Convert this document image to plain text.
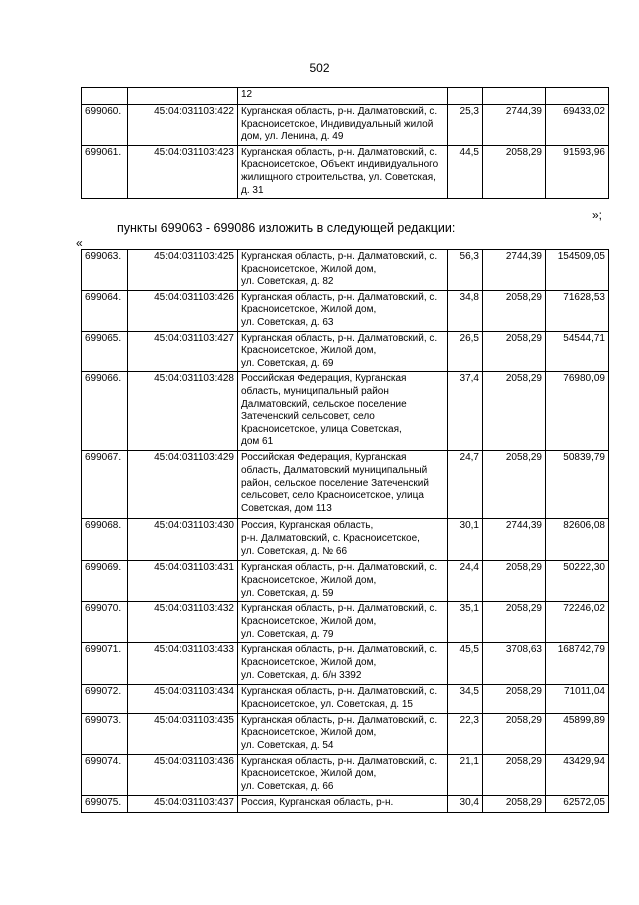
502
		12			
699060.	45:04:031103:422	Курганская область, р-н. Далматовский, с. Красноисетское, Индивидуальный жилой дом, ул. Ленина, д. 49	25,3	2744,39	69433,02
699061.	45:04:031103:423	Курганская область, р-н. Далматовский, с. Красноисетское, Объект индивидуального жилищного строительства, ул. Советская, д. 31	44,5	2058,29	91593,96
»;
пункты 699063 - 699086 изложить в следующей редакции:
«
699063.	45:04:031103:425	Курганская область, р-н. Далматовский, с. Красноисетское, Жилой дом,
ул. Советская, д. 82	56,3	2744,39	154509,05
699064.	45:04:031103:426	Курганская область, р-н. Далматовский, с. Красноисетское, Жилой дом,
ул. Советская, д. 63	34,8	2058,29	71628,53
699065.	45:04:031103:427	Курганская область, р-н. Далматовский, с. Красноисетское, Жилой дом,
ул. Советская, д. 69	26,5	2058,29	54544,71
699066.	45:04:031103:428	Российская Федерация, Курганская область, муниципальный район Далматовский, сельское поселение Затеченский сельсовет, село Красноисетское, улица Советская,
дом 61	37,4	2058,29	76980,09
699067.	45:04:031103:429	Российская Федерация, Курганская область, Далматовский муниципальный район, сельское поселение Затеченский сельсовет, село Красноисетское, улица Советская, дом 113	24,7	2058,29	50839,79
699068.	45:04:031103:430	Россия, Курганская область,
р-н. Далматовский, с. Красноисетское,
ул. Советская, д. № 66	30,1	2744,39	82606,08
699069.	45:04:031103:431	Курганская область, р-н. Далматовский, с. Красноисетское, Жилой дом,
ул. Советская, д. 59	24,4	2058,29	50222,30
699070.	45:04:031103:432	Курганская область, р-н. Далматовский, с. Красноисетское, Жилой дом,
ул. Советская, д. 79	35,1	2058,29	72246,02
699071.	45:04:031103:433	Курганская область, р-н. Далматовский, с. Красноисетское, Жилой дом,
ул. Советская, д. б/н 3392	45,5	3708,63	168742,79
699072.	45:04:031103:434	Курганская область, р-н. Далматовский, с. Красноисетское, ул. Советская, д. 15	34,5	2058,29	71011,04
699073.	45:04:031103:435	Курганская область, р-н. Далматовский, с. Красноисетское, Жилой дом,
ул. Советская, д. 54	22,3	2058,29	45899,89
699074.	45:04:031103:436	Курганская область, р-н. Далматовский, с. Красноисетское, Жилой дом,
ул. Советская, д. 66	21,1	2058,29	43429,94
699075.	45:04:031103:437	Россия, Курганская область, р-н.	30,4	2058,29	62572,05
